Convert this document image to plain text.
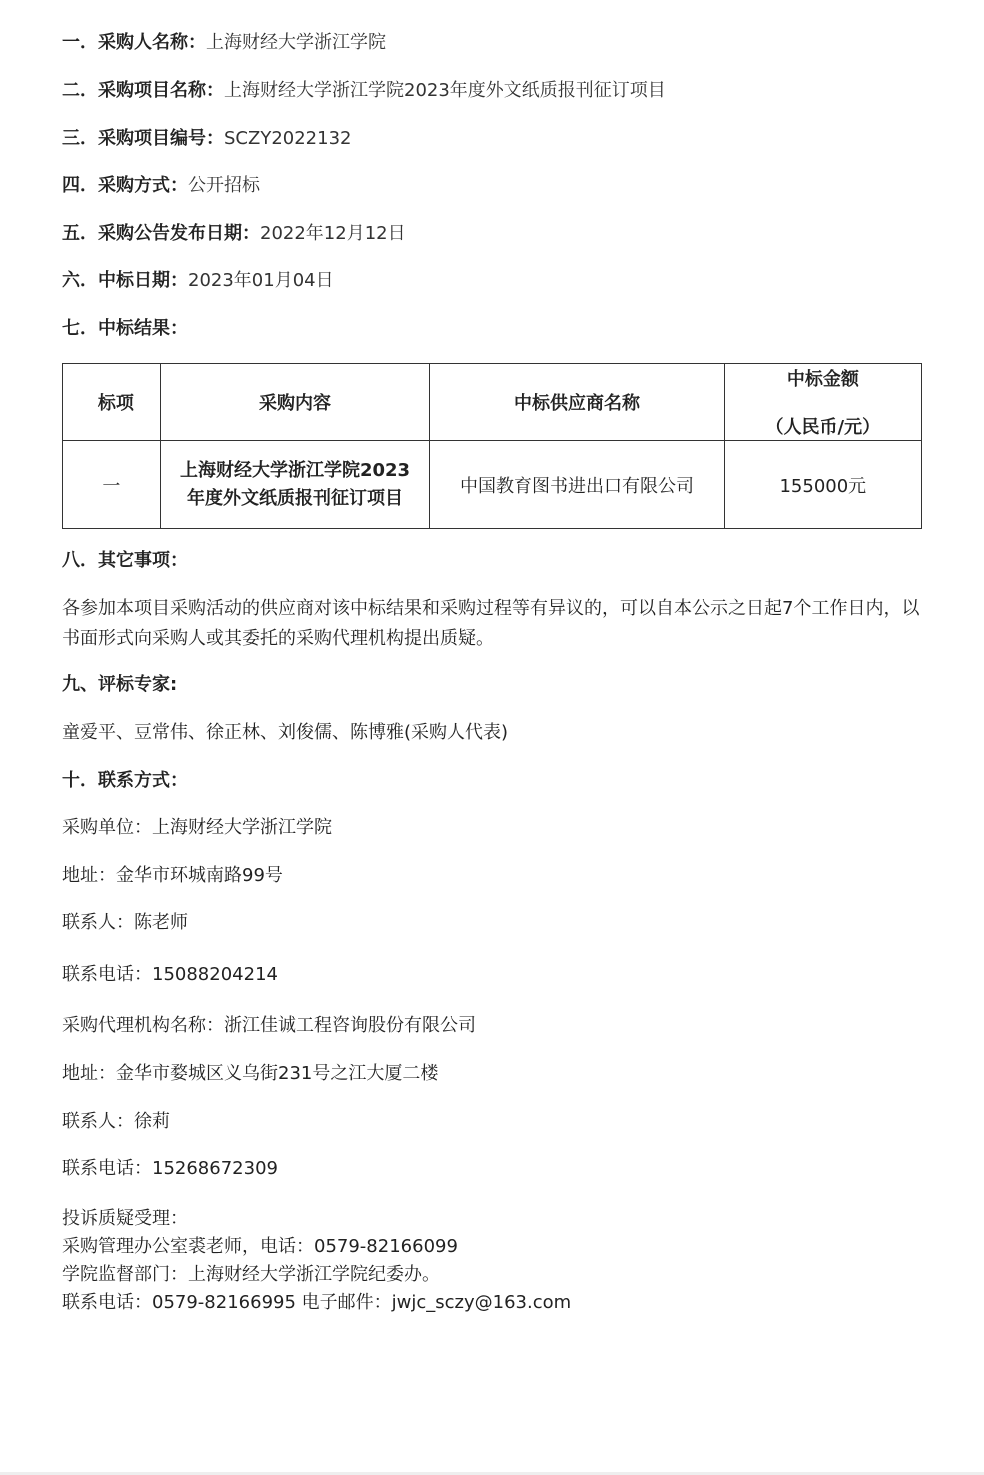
一．采购人名称：上海财经大学浙江学院
二．采购项目名称：上海财经大学浙江学院2023年度外文纸质报刊征订项目
三．采购项目编号：SCZY2022132
四．采购方式：公开招标
五．采购公告发布日期：2022年12月12日
六．中标日期：2023年01月04日
七．中标结果：
标项	采购内容	中标供应商名称	中标金额
（人民币/元）

一	上海财经大学浙江学院2023年度外文纸质报刊征订项目	中国教育图书进出口有限公司	155000元
八．其它事项：
各参加本项目采购活动的供应商对该中标结果和采购过程等有异议的，可以自本公示之日起7个工作日内，以书面形式向采购人或其委托的采购代理机构提出质疑。
九、评标专家:
童爱平、豆常伟、徐正林、刘俊儒、陈博雅(采购人代表)
十．联系方式：
采购单位：上海财经大学浙江学院
地址：金华市环城南路99号
联系人：陈老师
联系电话：15088204214
采购代理机构名称：浙江佳诚工程咨询股份有限公司
地址：金华市婺城区义乌街231号之江大厦二楼
联系人：徐莉
联系电话：15268672309
投诉质疑受理：
采购管理办公室裘老师，电话：0579-82166099
学院监督部门：上海财经大学浙江学院纪委办。
联系电话：0579-82166995 电子邮件：jwjc_sczy@163.com
